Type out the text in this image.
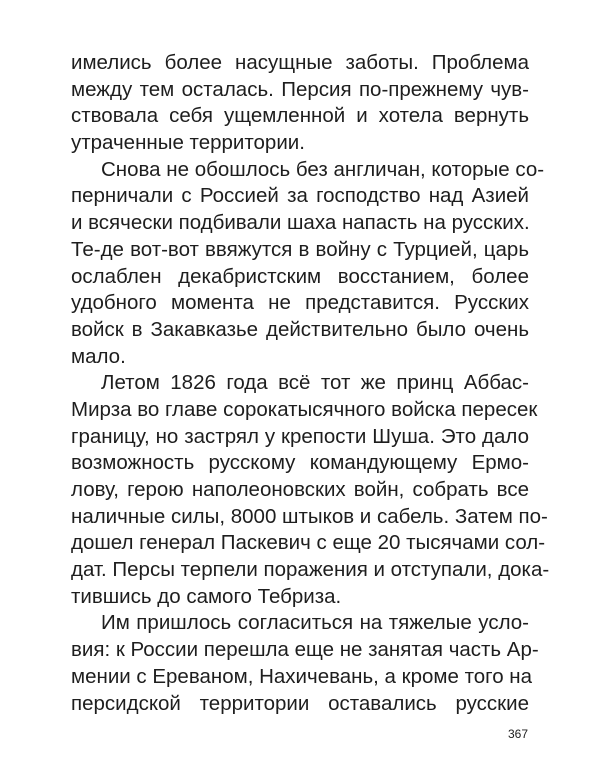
имелись более насущные заботы. Проблема
между тем осталась. Персия по-прежнему чув-
ствовала себя ущемленной и хотела вернуть
утраченные территории.
Снова не обошлось без англичан, которые со-
перничали с Россией за господство над Азией
и всячески подбивали шаха напасть на русских.
Те-де вот-вот ввяжутся в войну с Турцией, царь
ослаблен декабристским восстанием, более
удобного момента не представится. Русских
войск в Закавказье действительно было очень
мало.
Летом 1826 года всё тот же принц Аббас-
Мирза во главе сорокатысячного войска пересек
границу, но застрял у крепости Шуша. Это дало
возможность русскому командующему Ермо-
лову, герою наполеоновских войн, собрать все
наличные силы, 8000 штыков и сабель. Затем по-
дошел генерал Паскевич с еще 20 тысячами сол-
дат. Персы терпели поражения и отступали, дока-
тившись до самого Тебриза.
Им пришлось согласиться на тяжелые усло-
вия: к России перешла еще не занятая часть Ар-
мении с Ереваном, Нахичевань, а кроме того на
персидской территории оставались русские
367
